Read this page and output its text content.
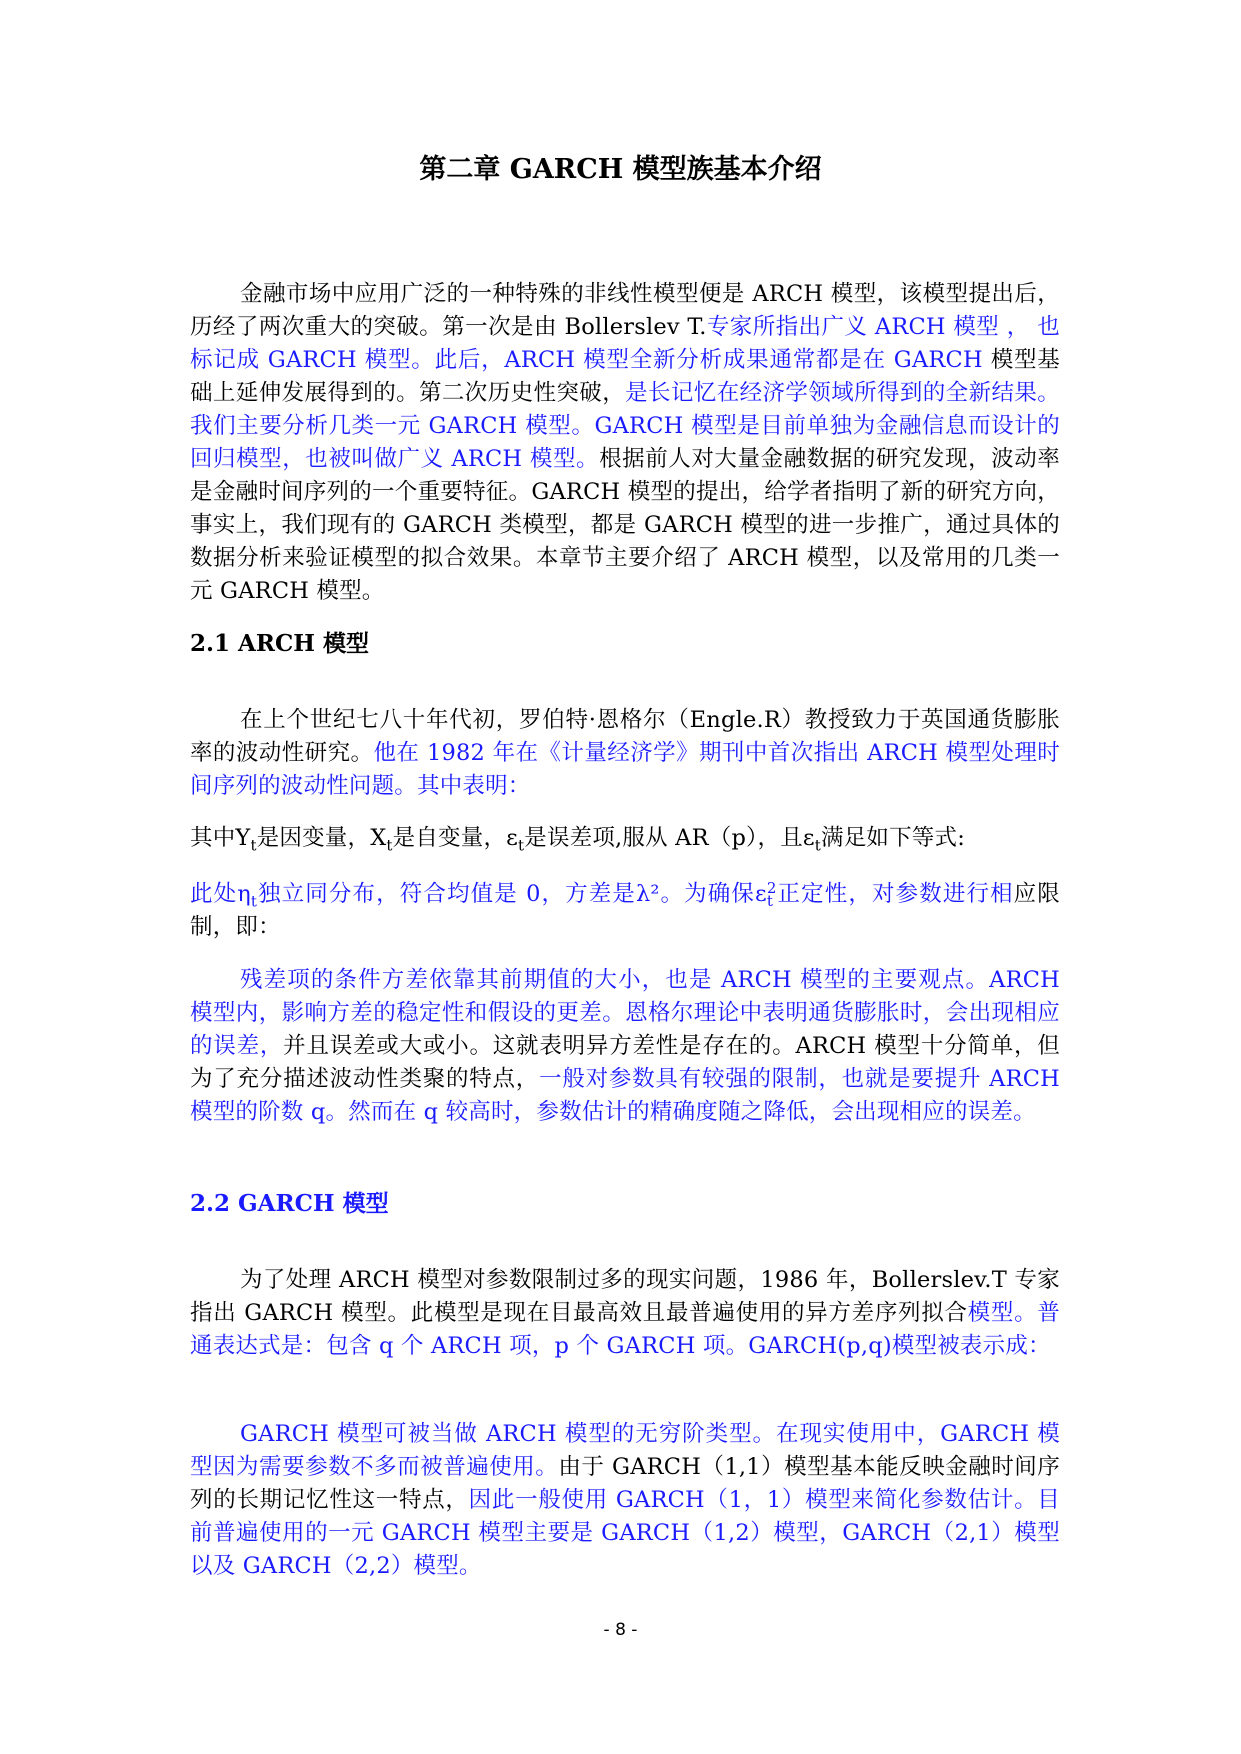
第二章 GARCH 模型族基本介绍

金融市场中应用广泛的一种特殊的非线性模型便是 ARCH 模型，该模型提出后，历经了两次重大的突破。第一次是由 Bollerslev T.专家所指出广义 ARCH 模型 ， 也标记成 GARCH 模型。此后，ARCH 模型全新分析成果通常都是在 GARCH 模型基础上延伸发展得到的。第二次历史性突破，是长记忆在经济学领域所得到的全新结果。我们主要分析几类一元 GARCH 模型。GARCH 模型是目前单独为金融信息而设计的回归模型，也被叫做广义 ARCH 模型。根据前人对大量金融数据的研究发现，波动率是金融时间序列的一个重要特征。GARCH 模型的提出，给学者指明了新的研究方向，事实上，我们现有的 GARCH 类模型，都是 GARCH 模型的进一步推广，通过具体的数据分析来验证模型的拟合效果。本章节主要介绍了 ARCH 模型，以及常用的几类一元 GARCH 模型。

2.1 ARCH 模型

在上个世纪七八十年代初，罗伯特·恩格尔（Engle.R）教授致力于英国通货膨胀率的波动性研究。他在 1982 年在《计量经济学》期刊中首次指出 ARCH 模型处理时间序列的波动性问题。其中表明：

其中$Y_t$是因变量，$X_t$是自变量，$\varepsilon_t$是误差项,服从 AR（p），且$\varepsilon_t$满足如下等式:

此处$\eta_t$独立同分布，符合均值是 0，方差是λ²。为确保ε 2
t 正定性，对参数进行相应限制，即：

残差项的条件方差依靠其前期值的大小，也是 ARCH 模型的主要观点。ARCH 模型内，影响方差的稳定性和假设的更差。恩格尔理论中表明通货膨胀时，会出现相应的误差，并且误差或大或小。这就表明异方差性是存在的。ARCH 模型十分简单，但为了充分描述波动性类聚的特点，一般对参数具有较强的限制，也就是要提升 ARCH 模型的阶数 q。然而在 q 较高时，参数估计的精确度随之降低，会出现相应的误差。

2.2 GARCH 模型

为了处理 ARCH 模型对参数限制过多的现实问题，1986 年，Bollerslev.T 专家指出 GARCH 模型。此模型是现在目最高效且最普遍使用的异方差序列拟合模型。普通表达式是：包含 q 个 ARCH 项，p 个 GARCH 项。GARCH(p,q)模型被表示成：

GARCH 模型可被当做 ARCH 模型的无穷阶类型。在现实使用中，GARCH 模型因为需要参数不多而被普遍使用。由于 GARCH（1,1）模型基本能反映金融时间序列的长期记忆性这一特点，因此一般使用 GARCH（1，1）模型来简化参数估计。目前普遍使用的一元 GARCH 模型主要是 GARCH（1,2）模型，GARCH（2,1）模型以及 GARCH（2,2）模型。

- 8 -
